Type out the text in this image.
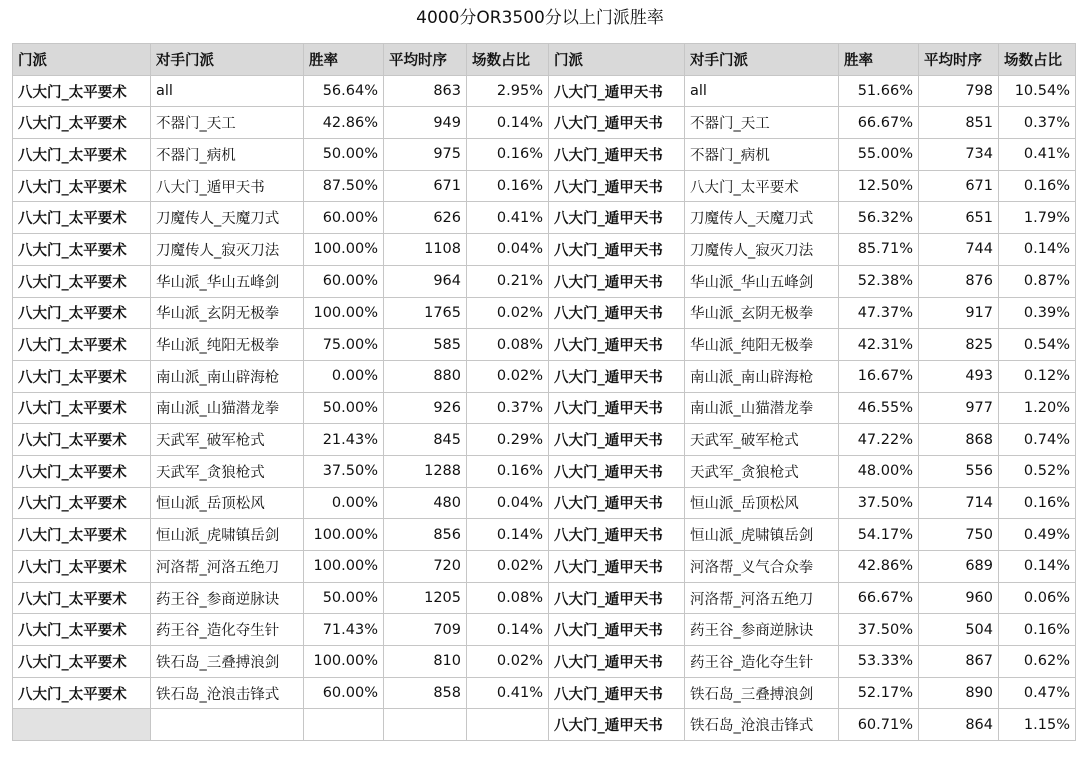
4000分OR3500分以上门派胜率
门派	对手门派	胜率	平均时序	场数占比	门派	对手门派	胜率	平均时序	场数占比
八大门_太平要术	all	56.64%	863	2.95%	八大门_遁甲天书	all	51.66%	798	10.54%
八大门_太平要术	不器门_天工	42.86%	949	0.14%	八大门_遁甲天书	不器门_天工	66.67%	851	0.37%
八大门_太平要术	不器门_病机	50.00%	975	0.16%	八大门_遁甲天书	不器门_病机	55.00%	734	0.41%
八大门_太平要术	八大门_遁甲天书	87.50%	671	0.16%	八大门_遁甲天书	八大门_太平要术	12.50%	671	0.16%
八大门_太平要术	刀魔传人_天魔刀式	60.00%	626	0.41%	八大门_遁甲天书	刀魔传人_天魔刀式	56.32%	651	1.79%
八大门_太平要术	刀魔传人_寂灭刀法	100.00%	1108	0.04%	八大门_遁甲天书	刀魔传人_寂灭刀法	85.71%	744	0.14%
八大门_太平要术	华山派_华山五峰剑	60.00%	964	0.21%	八大门_遁甲天书	华山派_华山五峰剑	52.38%	876	0.87%
八大门_太平要术	华山派_玄阴无极拳	100.00%	1765	0.02%	八大门_遁甲天书	华山派_玄阴无极拳	47.37%	917	0.39%
八大门_太平要术	华山派_纯阳无极拳	75.00%	585	0.08%	八大门_遁甲天书	华山派_纯阳无极拳	42.31%	825	0.54%
八大门_太平要术	南山派_南山辟海枪	0.00%	880	0.02%	八大门_遁甲天书	南山派_南山辟海枪	16.67%	493	0.12%
八大门_太平要术	南山派_山猫潜龙拳	50.00%	926	0.37%	八大门_遁甲天书	南山派_山猫潜龙拳	46.55%	977	1.20%
八大门_太平要术	天武军_破军枪式	21.43%	845	0.29%	八大门_遁甲天书	天武军_破军枪式	47.22%	868	0.74%
八大门_太平要术	天武军_贪狼枪式	37.50%	1288	0.16%	八大门_遁甲天书	天武军_贪狼枪式	48.00%	556	0.52%
八大门_太平要术	恒山派_岳顶松风	0.00%	480	0.04%	八大门_遁甲天书	恒山派_岳顶松风	37.50%	714	0.16%
八大门_太平要术	恒山派_虎啸镇岳剑	100.00%	856	0.14%	八大门_遁甲天书	恒山派_虎啸镇岳剑	54.17%	750	0.49%
八大门_太平要术	河洛帮_河洛五绝刀	100.00%	720	0.02%	八大门_遁甲天书	河洛帮_义气合众拳	42.86%	689	0.14%
八大门_太平要术	药王谷_参商逆脉诀	50.00%	1205	0.08%	八大门_遁甲天书	河洛帮_河洛五绝刀	66.67%	960	0.06%
八大门_太平要术	药王谷_造化夺生针	71.43%	709	0.14%	八大门_遁甲天书	药王谷_参商逆脉诀	37.50%	504	0.16%
八大门_太平要术	铁石岛_三叠搏浪剑	100.00%	810	0.02%	八大门_遁甲天书	药王谷_造化夺生针	53.33%	867	0.62%
八大门_太平要术	铁石岛_沧浪击锋式	60.00%	858	0.41%	八大门_遁甲天书	铁石岛_三叠搏浪剑	52.17%	890	0.47%
					八大门_遁甲天书	铁石岛_沧浪击锋式	60.71%	864	1.15%
